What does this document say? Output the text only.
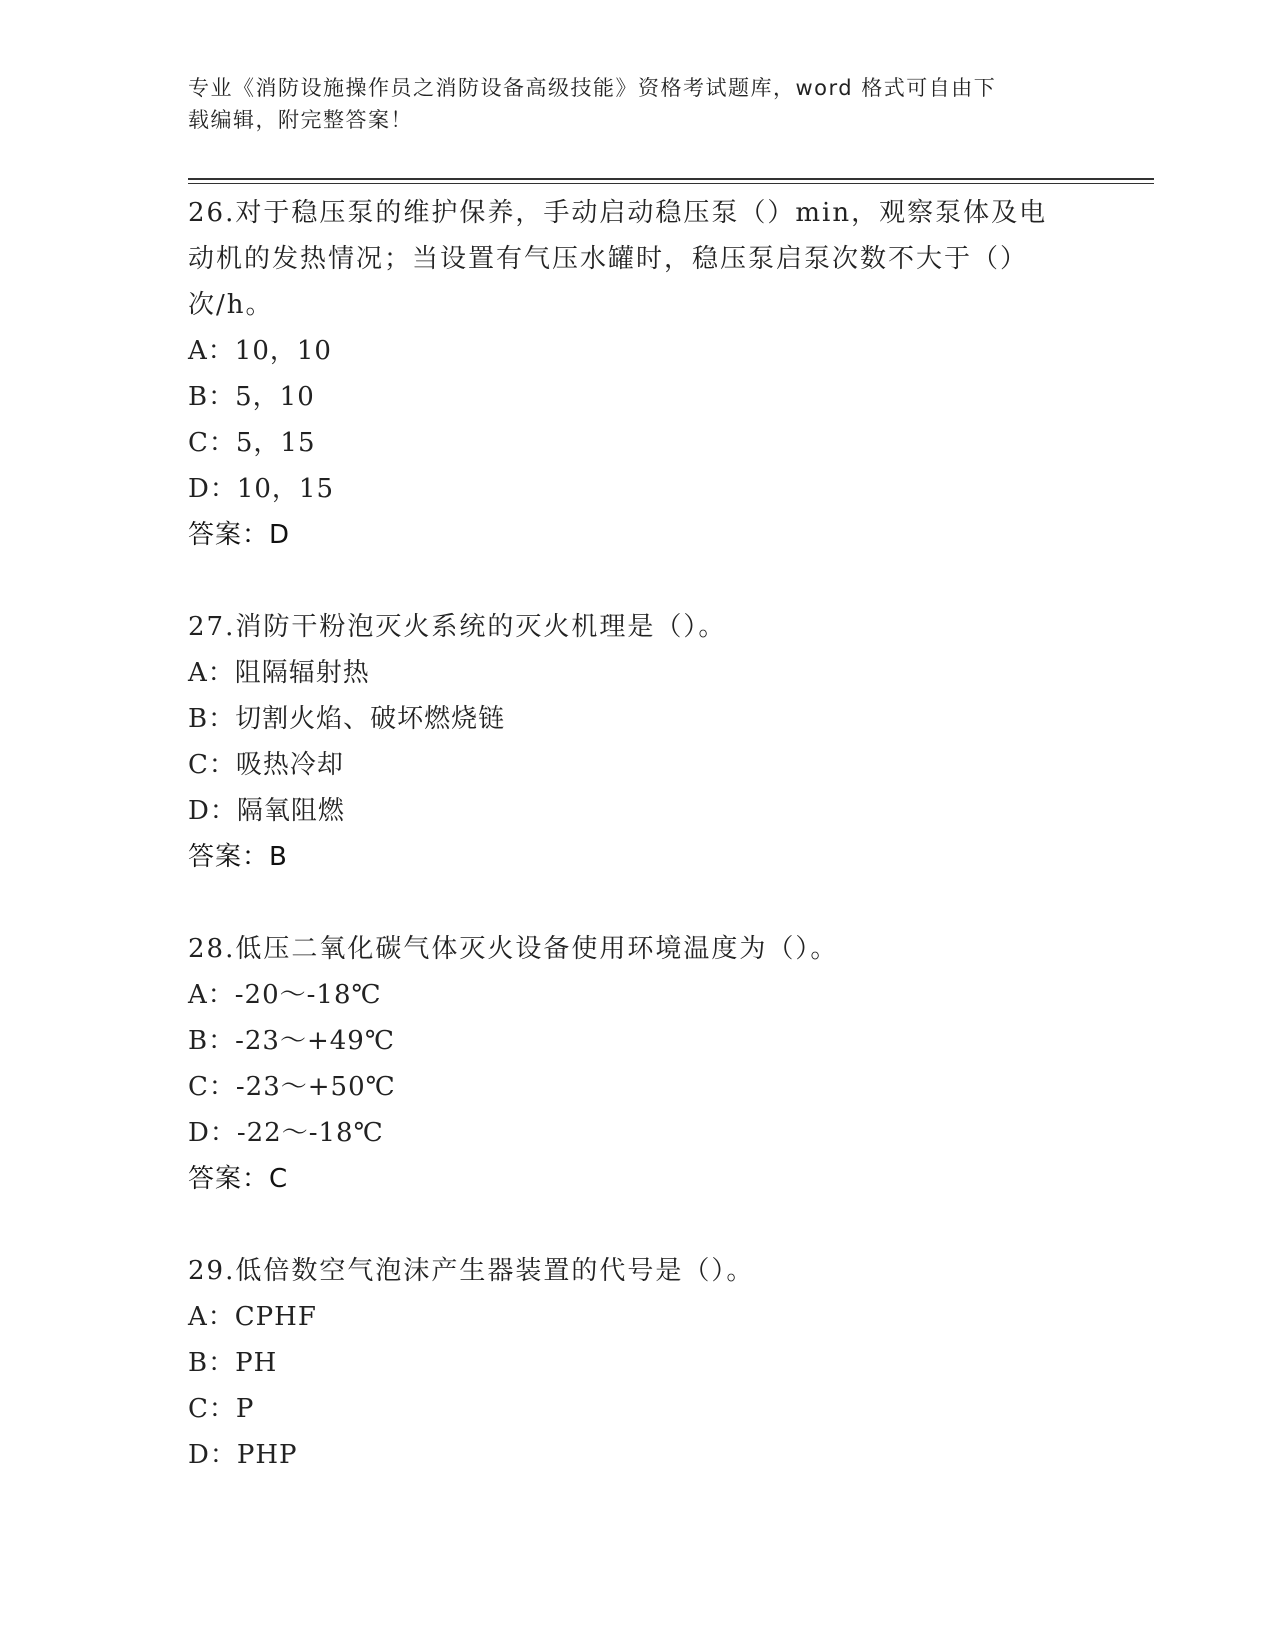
专业《消防设施操作员之消防设备高级技能》资格考试题库，word 格式可自由下
载编辑，附完整答案！
26.对于稳压泵的维护保养，手动启动稳压泵（）min，观察泵体及电
动机的发热情况；当设置有气压水罐时，稳压泵启泵次数不大于（）
次/h。
A：10，10
B：5，10
C：5，15
D：10，15
答案：D
27.消防干粉泡灭火系统的灭火机理是（）。
A：阻隔辐射热
B：切割火焰、破坏燃烧链
C：吸热冷却
D：隔氧阻燃
答案：B
28.低压二氧化碳气体灭火设备使用环境温度为（）。
A：-20～-18℃
B：-23～+49℃
C：-23～+50℃
D：-22～-18℃
答案：C
29.低倍数空气泡沫产生器装置的代号是（）。
A：CPHF
B：PH
C：P
D：PHP
